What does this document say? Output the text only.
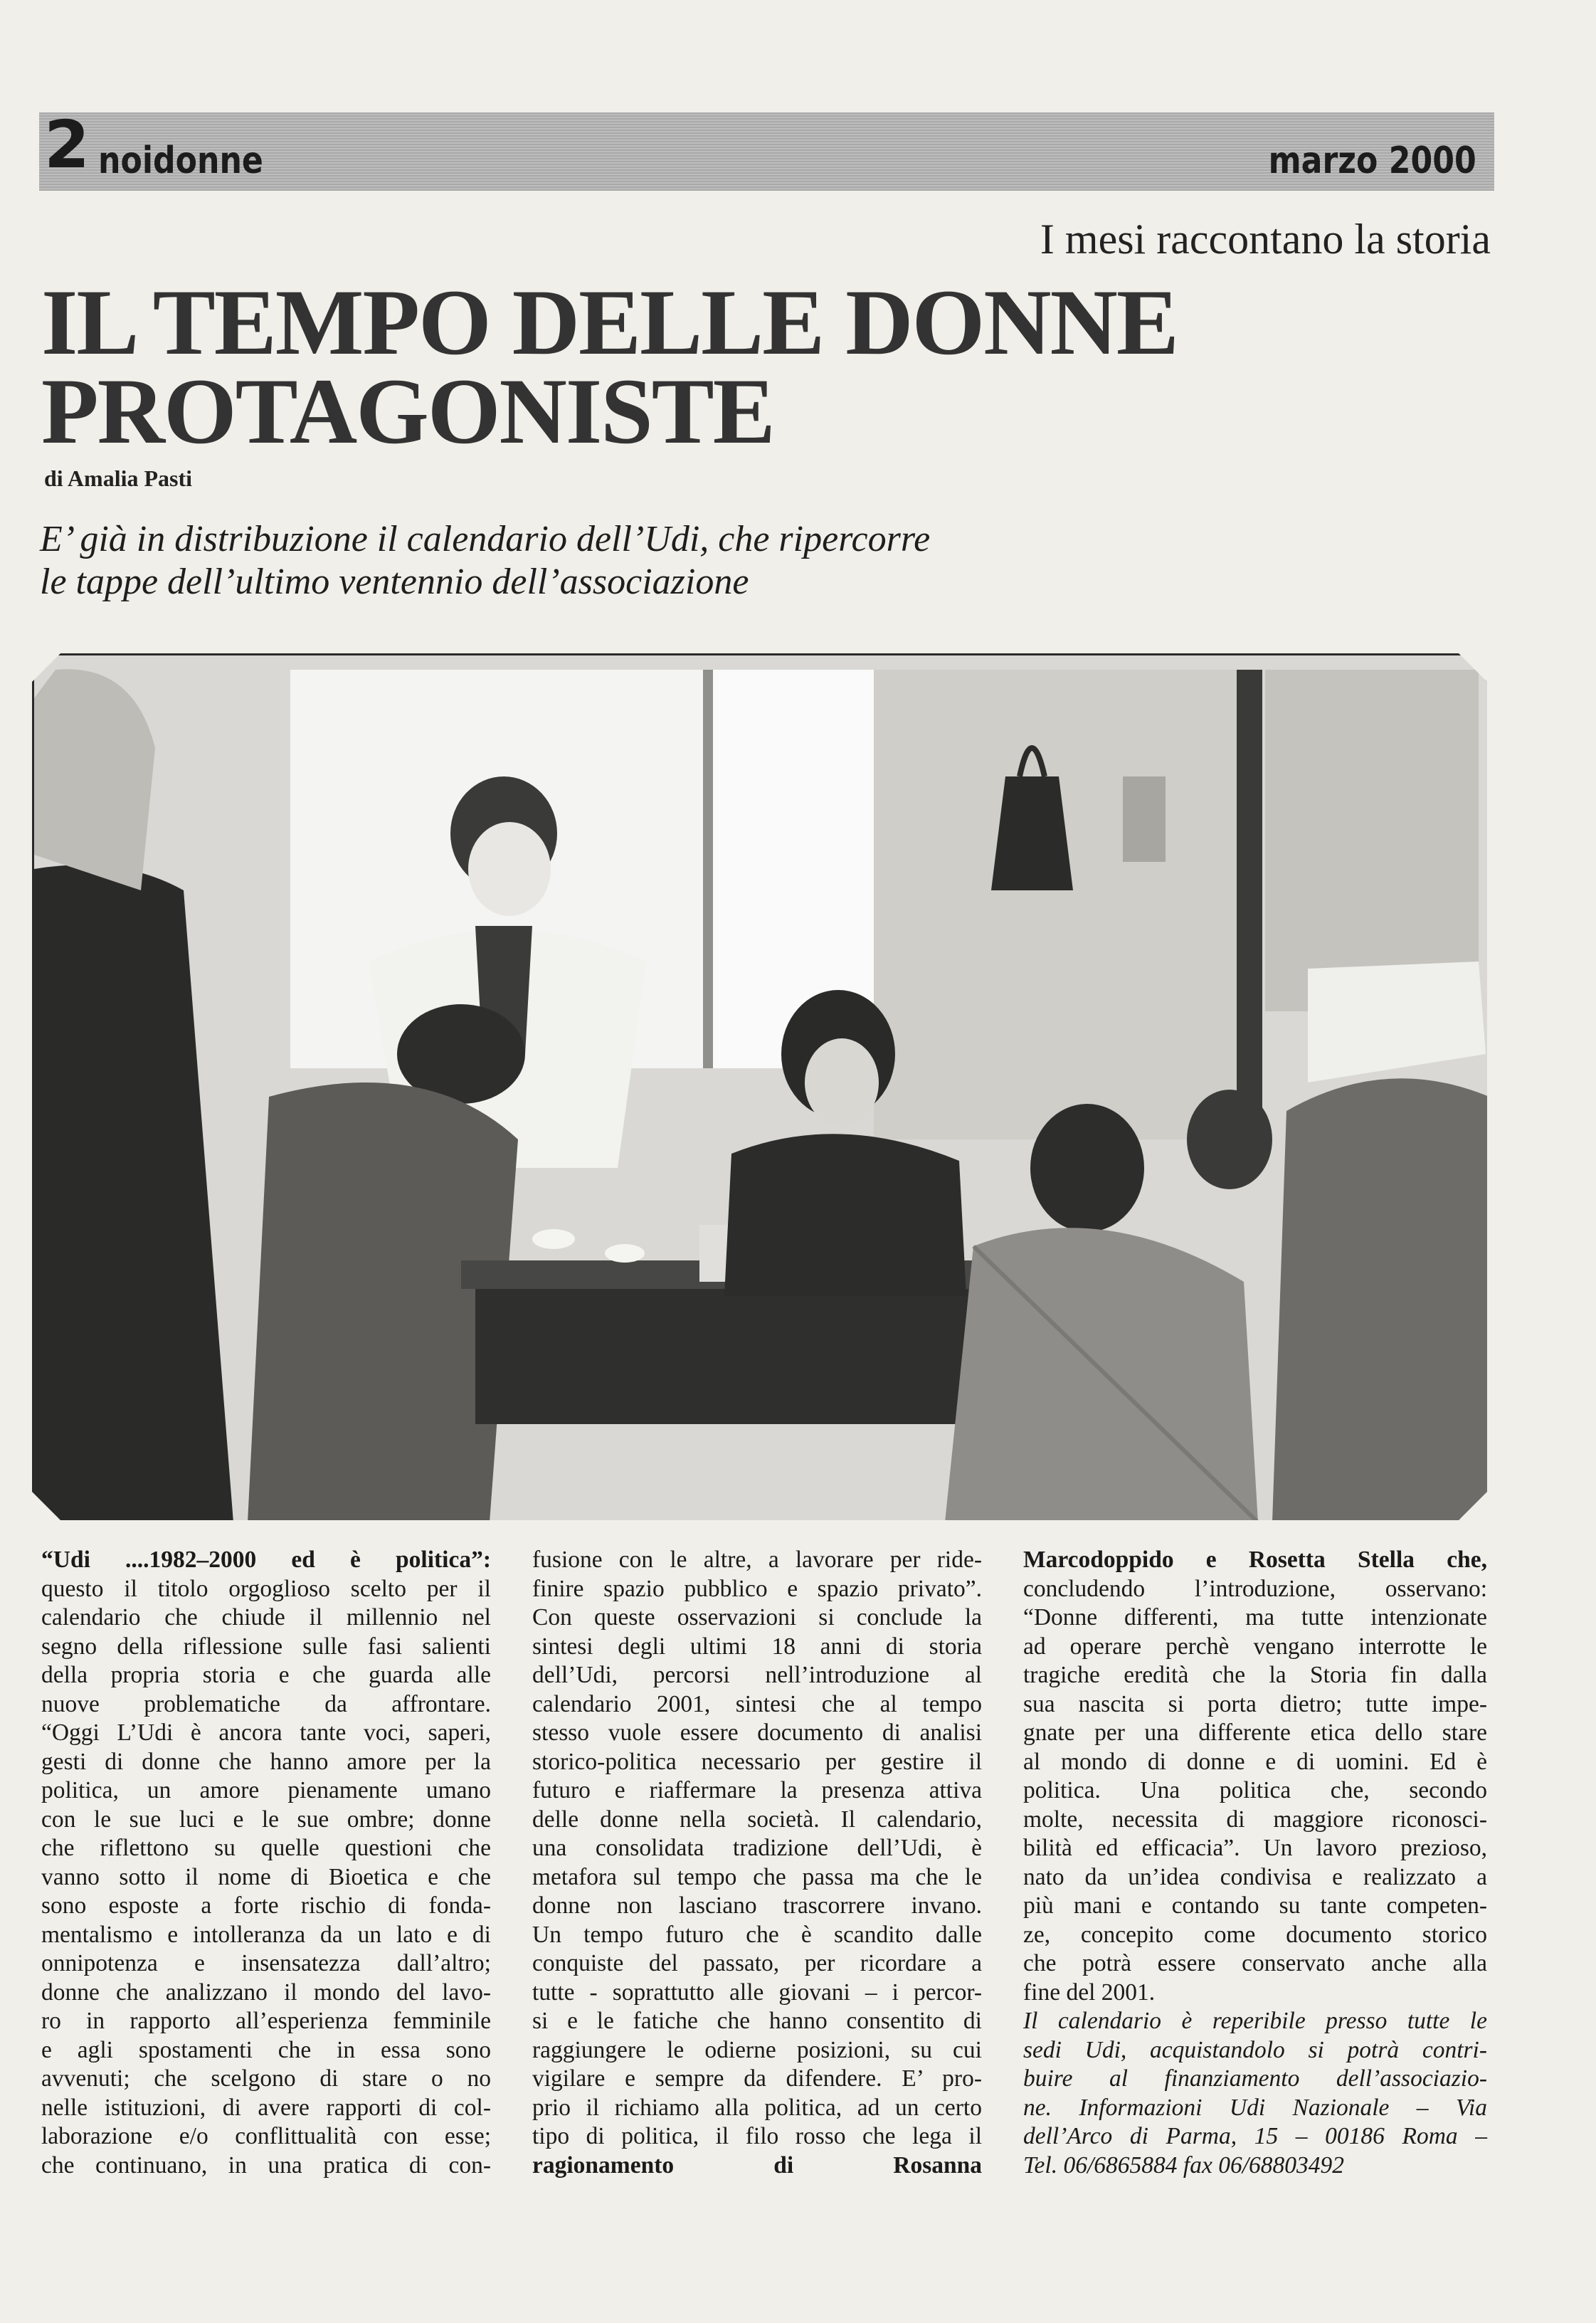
2 noidonne	marzo 2000
I mesi raccontano la storia
IL TEMPO DELLE DONNE
PROTAGONISTE
di Amalia Pasti
E’ già in distribuzione il calendario dell’Udi, che ripercorre
le tappe dell’ultimo ventennio dell’associazione
“Udi ....1982–2000 ed è politica”:
questo il titolo orgoglioso scelto per il
calendario che chiude il millennio nel
segno della riflessione sulle fasi salienti
della propria storia e che guarda alle
nuove problematiche da affrontare.
“Oggi L’Udi è ancora tante voci, saperi,
gesti di donne che hanno amore per la
politica, un amore pienamente umano
con le sue luci e le sue ombre; donne
che riflettono su quelle questioni che
vanno sotto il nome di Bioetica e che
sono esposte a forte rischio di fonda-
mentalismo e intolleranza da un lato e di
onnipotenza e insensatezza dall’altro;
donne che analizzano il mondo del lavo-
ro in rapporto all’esperienza femminile
e agli spostamenti che in essa sono
avvenuti; che scelgono di stare o no
nelle istituzioni, di avere rapporti di col-
laborazione e/o conflittualità con esse;
che continuano, in una pratica di con-
fusione con le altre, a lavorare per ride-
finire spazio pubblico e spazio privato”.
Con queste osservazioni si conclude la
sintesi degli ultimi 18 anni di storia
dell’Udi, percorsi nell’introduzione al
calendario 2001, sintesi che al tempo
stesso vuole essere documento di analisi
storico-politica necessario per gestire il
futuro e riaffermare la presenza attiva
delle donne nella società. Il calendario,
una consolidata tradizione dell’Udi, è
metafora sul tempo che passa ma che le
donne non lasciano trascorrere invano.
Un tempo futuro che è scandito dalle
conquiste del passato, per ricordare a
tutte - soprattutto alle giovani – i percor-
si e le fatiche che hanno consentito di
raggiungere le odierne posizioni, su cui
vigilare e sempre da difendere. E’ pro-
prio il richiamo alla politica, ad un certo
tipo di politica, il filo rosso che lega il
ragionamento di Rosanna
Marcodoppido e Rosetta Stella che,
concludendo l’introduzione, osservano:
“Donne differenti, ma tutte intenzionate
ad operare perchè vengano interrotte le
tragiche eredità che la Storia fin dalla
sua nascita si porta dietro; tutte impe-
gnate per una differente etica dello stare
al mondo di donne e di uomini. Ed è
politica. Una politica che, secondo
molte, necessita di maggiore riconosci-
bilità ed efficacia”. Un lavoro prezioso,
nato da un’idea condivisa e realizzato a
più mani e contando su tante competen-
ze, concepito come documento storico
che potrà essere conservato anche alla
fine del 2001.
Il calendario è reperibile presso tutte le
sedi Udi, acquistandolo si potrà contri-
buire al finanziamento dell’associazio-
ne. Informazioni Udi Nazionale – Via
dell’Arco di Parma, 15 – 00186 Roma –
Tel. 06/6865884 fax 06/68803492
